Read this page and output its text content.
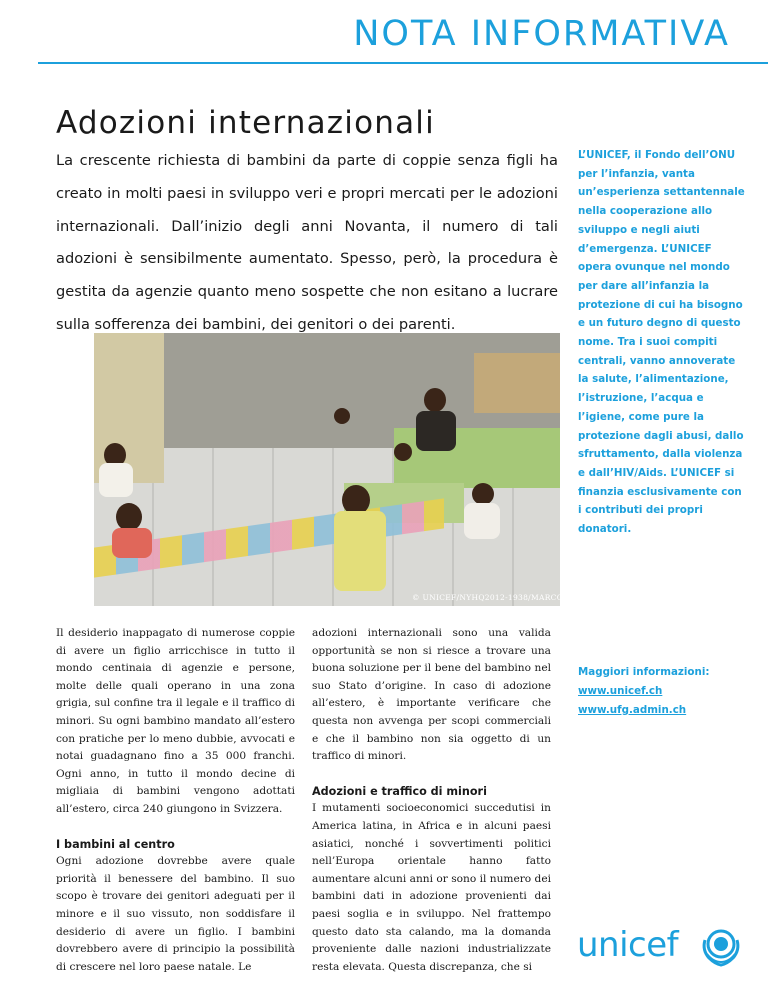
NOTA INFORMATIVA
Adozioni internazionali
La crescente richiesta di bambini da parte di coppie senza figli ha creato in molti paesi in sviluppo veri e propri mercati per le adozioni internazionali. Dall’inizio degli anni Novanta, il numero di tali adozioni è sensibilmente aumentato. Spesso, però, la procedura è gestita da agenzie quanto meno sospette che non esitano a lucrare sulla sofferenza dei bambini, dei genitori o dei parenti.
L’UNICEF, il Fondo dell’ONU per l’infanzia, vanta un’esperienza settantennale nella cooperazione allo sviluppo e negli aiuti d’emergenza. L’UNICEF opera ovunque nel mondo per dare all’infanzia la protezione di cui ha bisogno e un futuro degno di questo nome. Tra i suoi compiti centrali, vanno annoverate la salute, l’alimentazione, l’istruzione, l’acqua e l’igiene, come pure la protezione dagli abusi, dallo sfruttamento, dalla violenza e dall’HIV/Aids. L’UNICEF si finanzia esclusivamente con i contributi dei propri donatori.
© UNICEF/NYHQ2012-1938/MARCO DORMI-

Il desiderio inappagato di numerose coppie di avere un figlio arricchisce in tutto il mondo centinaia di agenzie e persone, molte delle quali operano in una zona grigia, sul confine tra il legale e il traffico di minori. Su ogni bambino mandato all’estero con pratiche per lo meno dubbie, avvocati e notai guadagnano fino a 35 000 franchi. Ogni anno, in tutto il mondo decine di migliaia di bambini vengono adottati all’estero, circa 240 giungono in Svizzera.

I bambini al centro

Ogni adozione dovrebbe avere quale priorità il benessere del bambino. Il suo scopo è trovare dei genitori adeguati per il minore e il suo vissuto, non soddisfare il desiderio di avere un figlio. I bambini dovrebbero avere di principio la possibilità di crescere nel loro paese natale. Le

adozioni internazionali sono una valida opportunità se non si riesce a trovare una buona soluzione per il bene del bambino nel suo Stato d’origine. In caso di adozione all’estero, è importante verificare che questa non avvenga per scopi commerciali e che il bambino non sia oggetto di un traffico di minori.

Adozioni e traffico di minori

I mutamenti socioeconomici succedutisi in America latina, in Africa e in alcuni paesi asiatici, nonché i sovvertimenti politici nell’Europa orientale hanno fatto aumentare alcuni anni or sono il numero dei bambini dati in adozione provenienti dai paesi soglia e in sviluppo. Nel frattempo questo dato sta calando, ma la domanda proveniente dalle nazioni industrializzate resta elevata. Questa discrepanza, che si

Maggiori informazioni:
www.unicef.ch
www.ufg.admin.ch
unicef
